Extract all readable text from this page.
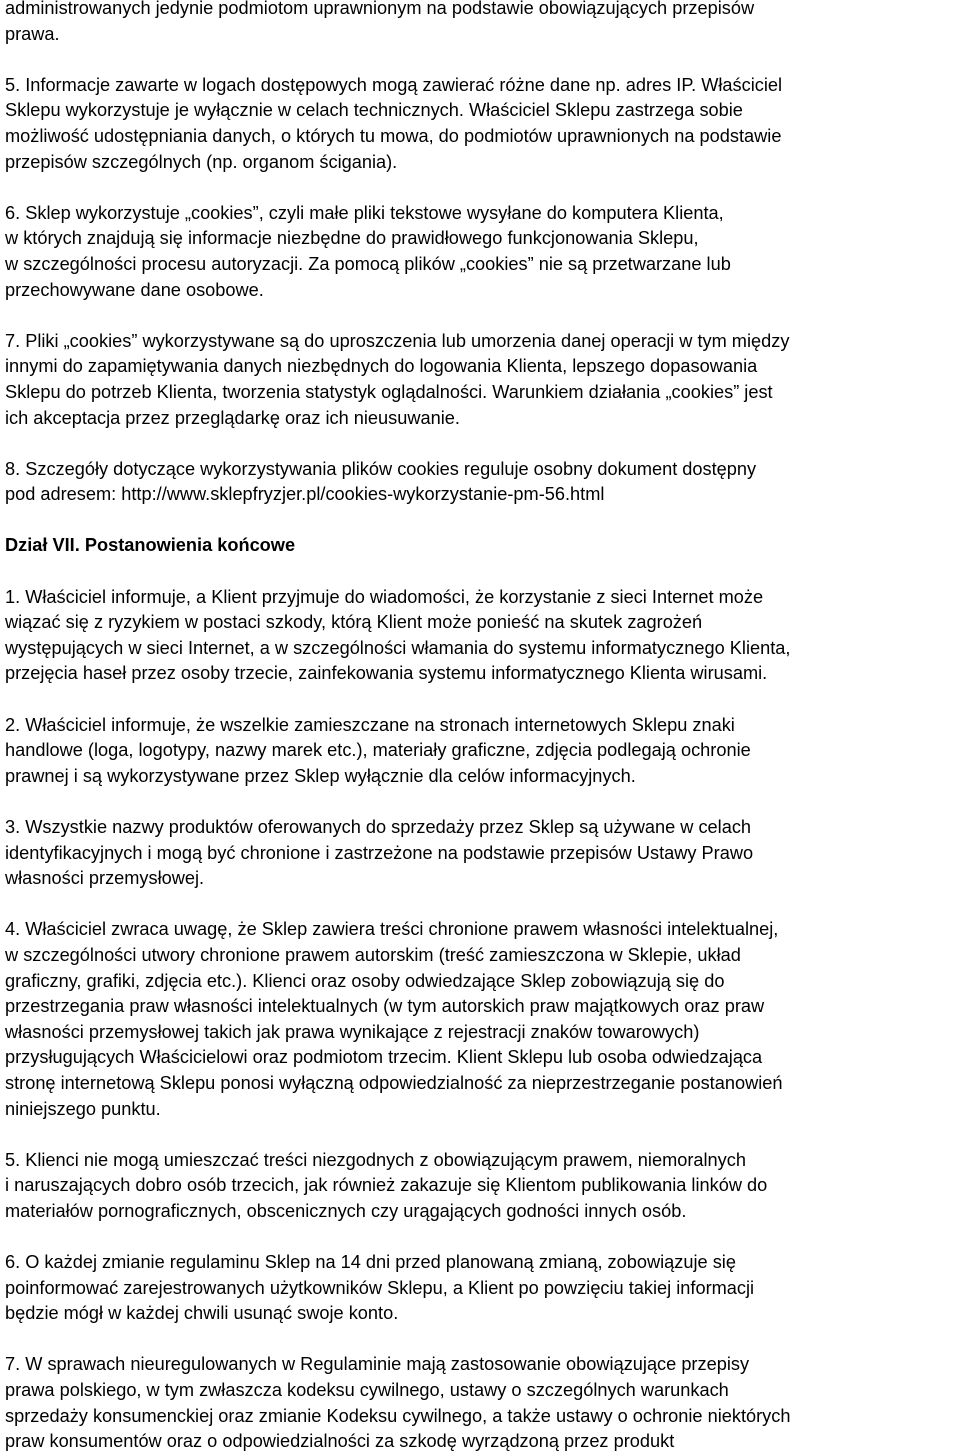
administrowanych jedynie podmiotom uprawnionym na podstawie obowiązujących przepisów
prawa.

5. Informacje zawarte w logach dostępowych mogą zawierać różne dane np. adres IP. Właściciel
Sklepu wykorzystuje je wyłącznie w celach technicznych. Właściciel Sklepu zastrzega sobie
możliwość udostępniania danych, o których tu mowa, do podmiotów uprawnionych na podstawie
przepisów szczególnych (np. organom ścigania).

6. Sklep wykorzystuje „cookies”, czyli małe pliki tekstowe wysyłane do komputera Klienta,
w których znajdują się informacje niezbędne do prawidłowego funkcjonowania Sklepu,
w szczególności procesu autoryzacji. Za pomocą plików „cookies” nie są przetwarzane lub
przechowywane dane osobowe.

7. Pliki „cookies” wykorzystywane są do uproszczenia lub umorzenia danej operacji w tym między
innymi do zapamiętywania danych niezbędnych do logowania Klienta, lepszego dopasowania
Sklepu do potrzeb Klienta, tworzenia statystyk oglądalności. Warunkiem działania „cookies” jest
ich akceptacja przez przeglądarkę oraz ich nieusuwanie.

8. Szczegóły dotyczące wykorzystywania plików cookies reguluje osobny dokument dostępny
pod adresem: http://www.sklepfryzjer.pl/cookies-wykorzystanie-pm-56.html

Dział VII. Postanowienia końcowe

1. Właściciel informuje, a Klient przyjmuje do wiadomości, że korzystanie z sieci Internet może
wiązać się z ryzykiem w postaci szkody, którą Klient może ponieść na skutek zagrożeń
występujących w sieci Internet, a w szczególności włamania do systemu informatycznego Klienta,
przejęcia haseł przez osoby trzecie, zainfekowania systemu informatycznego Klienta wirusami.

2. Właściciel informuje, że wszelkie zamieszczane na stronach internetowych Sklepu znaki
handlowe (loga, logotypy, nazwy marek etc.), materiały graficzne, zdjęcia podlegają ochronie
prawnej i są wykorzystywane przez Sklep wyłącznie dla celów informacyjnych.

3. Wszystkie nazwy produktów oferowanych do sprzedaży przez Sklep są używane w celach
identyfikacyjnych i mogą być chronione i zastrzeżone na podstawie przepisów Ustawy Prawo
własności przemysłowej.

4. Właściciel zwraca uwagę, że Sklep zawiera treści chronione prawem własności intelektualnej,
w szczególności utwory chronione prawem autorskim (treść zamieszczona w Sklepie, układ
graficzny, grafiki, zdjęcia etc.). Klienci oraz osoby odwiedzające Sklep zobowiązują się do
przestrzegania praw własności intelektualnych (w tym autorskich praw majątkowych oraz praw
własności przemysłowej takich jak prawa wynikające z rejestracji znaków towarowych)
przysługujących Właścicielowi oraz podmiotom trzecim. Klient Sklepu lub osoba odwiedzająca
stronę internetową Sklepu ponosi wyłączną odpowiedzialność za nieprzestrzeganie postanowień
niniejszego punktu.

5. Klienci nie mogą umieszczać treści niezgodnych z obowiązującym prawem, niemoralnych
i naruszających dobro osób trzecich, jak również zakazuje się Klientom publikowania linków do
materiałów pornograficznych, obscenicznych czy urągających godności innych osób.

6. O każdej zmianie regulaminu Sklep na 14 dni przed planowaną zmianą, zobowiązuje się
poinformować zarejestrowanych użytkowników Sklepu, a Klient po powzięciu takiej informacji
będzie mógł w każdej chwili usunąć swoje konto.

7. W sprawach nieuregulowanych w Regulaminie mają zastosowanie obowiązujące przepisy
prawa polskiego, w tym zwłaszcza kodeksu cywilnego, ustawy o szczególnych warunkach
sprzedaży konsumenckiej oraz zmianie Kodeksu cywilnego, a także ustawy o ochronie niektórych
praw konsumentów oraz o odpowiedzialności za szkodę wyrządzoną przez produkt
